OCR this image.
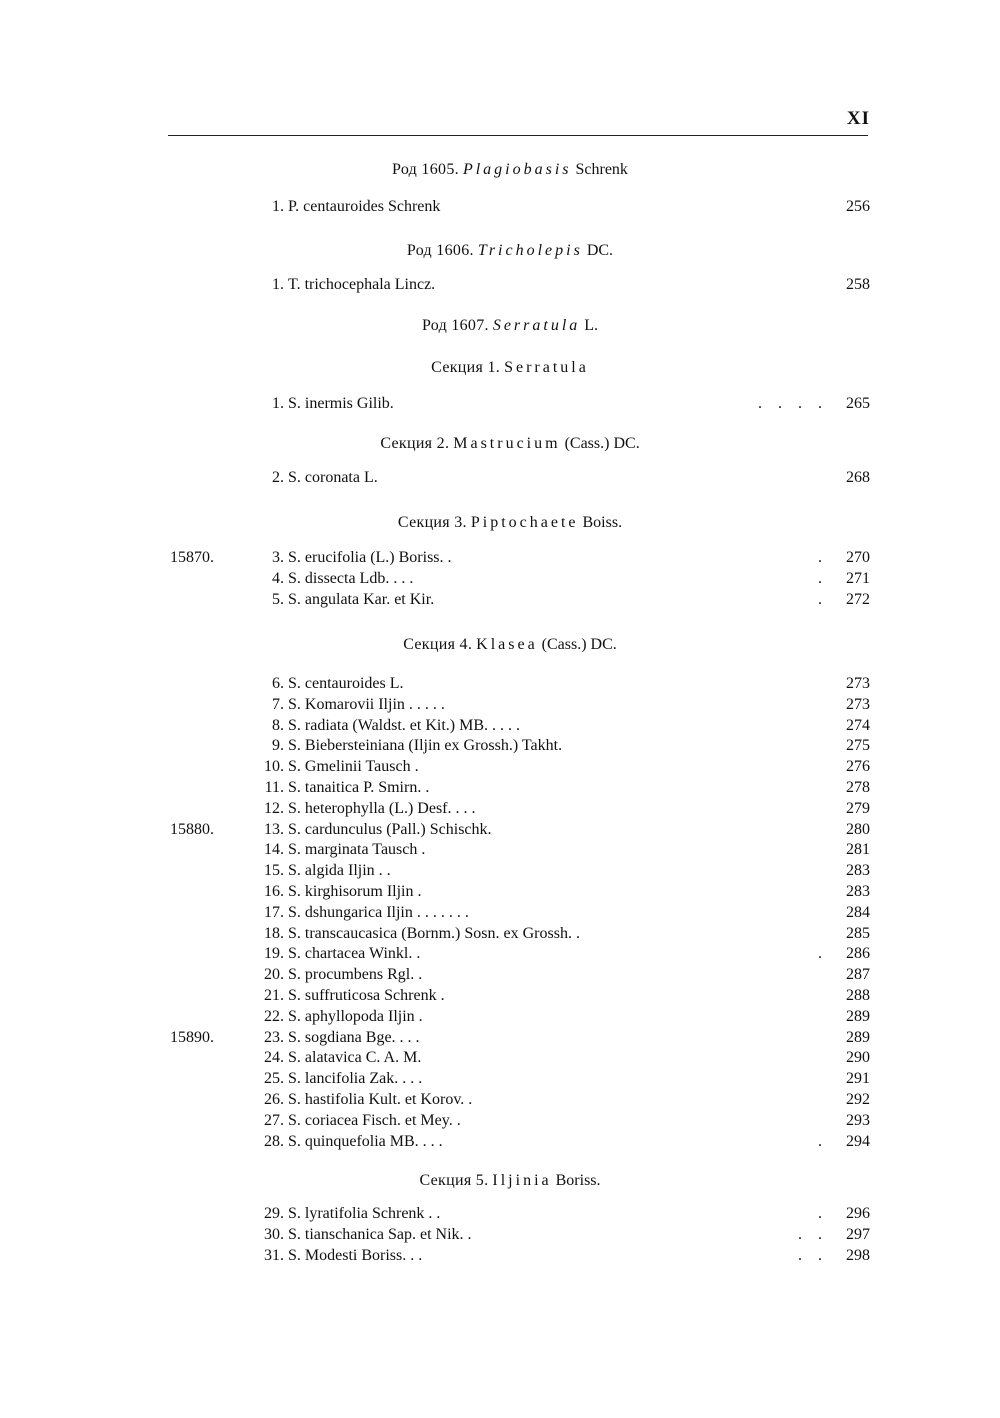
XI
Род 1605. Plagiobasis Schrenk
1. P. centauroides Schrenk	256
Род 1606. Tricholepis DC.
1. T. trichocephala Lincz.	258
Род 1607. Serratula L.
Секция 1. Serratula
1. S. inermis Gilib.	. . . .	265
Секция 2. Mastrucium (Cass.) DC.
2. S. coronata L.	268
Секция 3. Piptochaete Boiss.
15870.	3. S. erucifolia (L.) Boriss. .	.	270
4. S. dissecta Ldb. . . .	.	271
5. S. angulata Kar. et Kir.	.	272
Секция 4. Klasea (Cass.) DC.
6. S. centauroides L.	273
7. S. Komarovii Iljin . . . . .	273
8. S. radiata (Waldst. et Kit.) MB. . . . .	274
9. S. Biebersteiniana (Iljin ex Grossh.) Takht.	275
10. S. Gmelinii Tausch .	276
11. S. tanaitica P. Smirn. .	278
12. S. heterophylla (L.) Desf. . . .	279
15880.	13. S. cardunculus (Pall.) Schischk.	280
14. S. marginata Tausch .	281
15. S. algida Iljin . .	283
16. S. kirghisorum Iljin .	283
17. S. dshungarica Iljin . . . . . . .	284
18. S. transcaucasica (Bornm.) Sosn. ex Grossh. .	285
19. S. chartacea Winkl. .	.	286
20. S. procumbens Rgl. .	287
21. S. suffruticosa Schrenk .	288
22. S. aphyllopoda Iljin .	289
15890.	23. S. sogdiana Bge. . . .	289
24. S. alatavica C. A. M.	290
25. S. lancifolia Zak. . . .	291
26. S. hastifolia Kult. et Korov. .	292
27. S. coriacea Fisch. et Mey. .	293
28. S. quinquefolia MB. . . .	.	294
Секция 5. Iljinia Boriss.
29. S. lyratifolia Schrenk . .	.	296
30. S. tianschanica Sap. et Nik. .	. .	297
31. S. Modesti Boriss. . .	. .	298
